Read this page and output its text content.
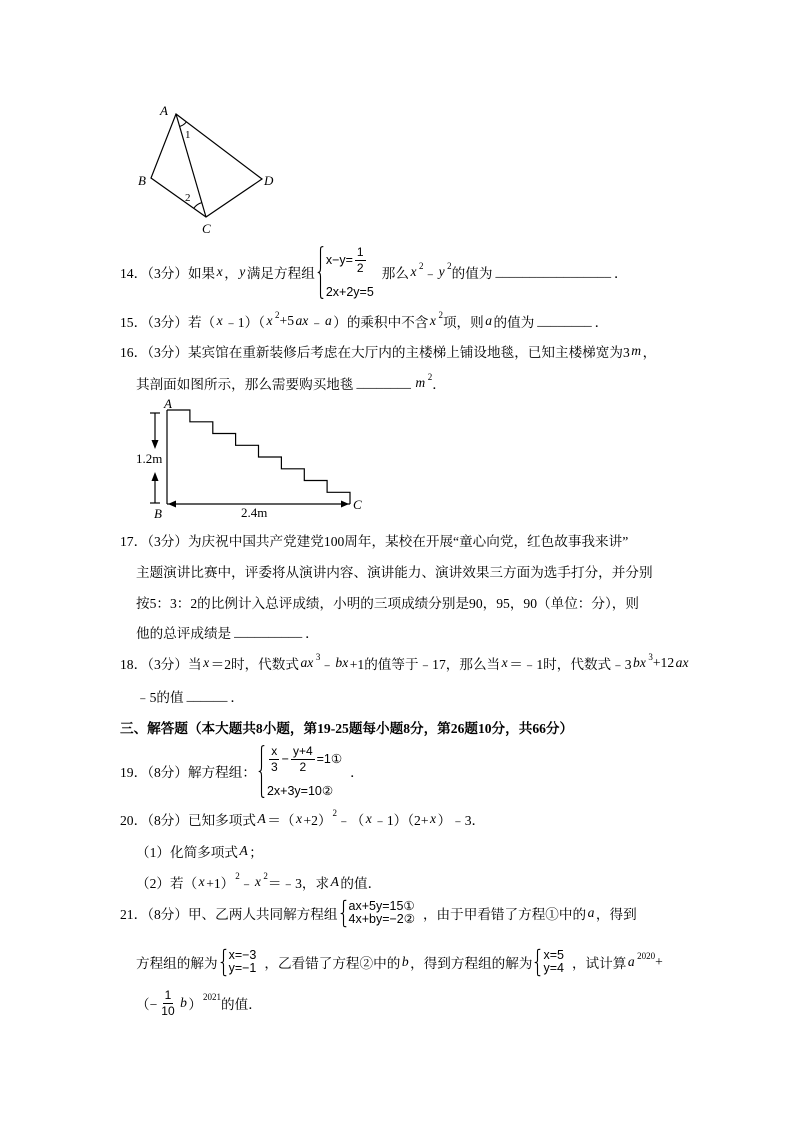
A
B
C
D
1
2
14．（3分）如果 x ， y 满足方程组
$x-y= \frac{1}{2}$
2x+2y=5
那么 x 2 ﹣ y 2 的值为 _________________ ．
15．（3分）若（ x ﹣1）（ x 2 +5 ax ﹣ a ）的乘积中不含 x 2 项，则 a 的值为 ________ ．
16．（3分）某宾馆在重新装修后考虑在大厅内的主楼梯上铺设地毯，已知主楼梯宽为3 m ，
其剖面如图所示，那么需要购买地毯 ________ m 2 ．
A
1.2m
B	2.4m
C
17．（3分）为庆祝中国共产党建党100周年，某校在开展“童心向党，红色故事我来讲”
主题演讲比赛中，评委将从演讲内容、演讲能力、演讲效果三方面为选手打分，并分别
按5：3：2的比例计入总评成绩，小明的三项成绩分别是90，95，90（单位：分），则
他的总评成绩是 __________ ．
18．（3分）当 x ＝2时，代数式 ax 3 ﹣ bx +1的值等于﹣17，那么当 x ＝﹣1时，代数式﹣3 bx 3 +12 ax
﹣5的值 ______ ．
三、解答题（本大题共8小题，第19-25题每小题8分，第26题10分，共66分）
19．（8分）解方程组： $\frac{x}{3} - \frac{y+4}{2}$ =1①
2x+3y=10②
．
20．（8分）已知多项式 A ＝（ x +2） 2 ﹣（ x ﹣1）（2+ x ）﹣3．
（1）化简多项式 A ；
（2）若（ x +1） 2 ﹣ x 2 ＝﹣3，求 A 的值．
21．（8分）甲、乙两人共同解方程组
ax+5y=15①
4x+by=−2② ，由于甲看错了方程①中的 a ，得到
方程组的解为
x=−3
y=−1 ，乙看错了方程②中的 b ，得到方程组的解为
x=5
y=4 ，试计算 a 2020 +
（− $\frac{1}{10}$ b ） 2021 的值．
